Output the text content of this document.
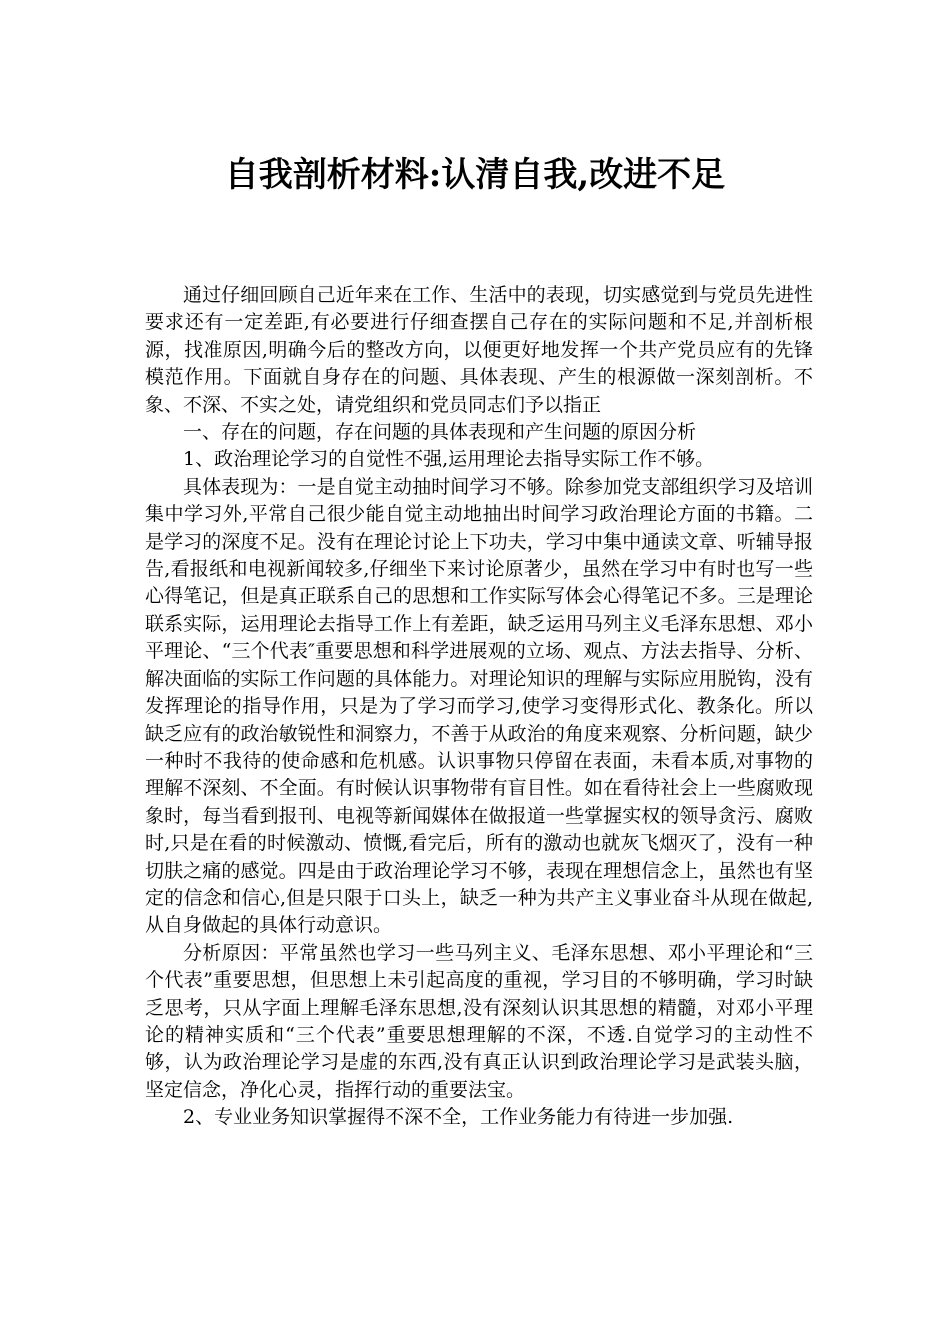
自我剖析材料:认清自我,改进不足

通过仔细回顾自己近年来在工作、生活中的表现，切实感觉到与党员先进性要求还有一定差距,有必要进行仔细查摆自己存在的实际问题和不足,并剖析根源，找准原因,明确今后的整改方向，以便更好地发挥一个共产党员应有的先锋模范作用。下面就自身存在的问题、具体表现、产生的根源做一深刻剖析。不象、不深、不实之处，请党组织和党员同志们予以指正

一、存在的问题，存在问题的具体表现和产生问题的原因分析

1、政治理论学习的自觉性不强,运用理论去指导实际工作不够。

具体表现为：一是自觉主动抽时间学习不够。除参加党支部组织学习及培训集中学习外,平常自己很少能自觉主动地抽出时间学习政治理论方面的书籍。二是学习的深度不足。没有在理论讨论上下功夫，学习中集中通读文章、听辅导报告,看报纸和电视新闻较多,仔细坐下来讨论原著少，虽然在学习中有时也写一些心得笔记，但是真正联系自己的思想和工作实际写体会心得笔记不多。三是理论联系实际，运用理论去指导工作上有差距，缺乏运用马列主义毛泽东思想、邓小平理论、“三个代表″重要思想和科学进展观的立场、观点、方法去指导、分析、解决面临的实际工作问题的具体能力。对理论知识的理解与实际应用脱钩，没有发挥理论的指导作用，只是为了学习而学习,使学习变得形式化、教条化。所以缺乏应有的政治敏锐性和洞察力，不善于从政治的角度来观察、分析问题，缺少一种时不我待的使命感和危机感。认识事物只停留在表面，未看本质,对事物的理解不深刻、不全面。有时候认识事物带有盲目性。如在看待社会上一些腐败现象时，每当看到报刊、电视等新闻媒体在做报道一些掌握实权的领导贪污、腐败时,只是在看的时候激动、愤慨,看完后，所有的激动也就灰飞烟灭了，没有一种切肤之痛的感觉。四是由于政治理论学习不够，表现在理想信念上，虽然也有坚定的信念和信心,但是只限于口头上，缺乏一种为共产主义事业奋斗从现在做起,从自身做起的具体行动意识。

分析原因：平常虽然也学习一些马列主义、毛泽东思想、邓小平理论和“三个代表”重要思想，但思想上未引起高度的重视，学习目的不够明确，学习时缺乏思考，只从字面上理解毛泽东思想,没有深刻认识其思想的精髓，对邓小平理论的精神实质和“三个代表”重要思想理解的不深，不透.自觉学习的主动性不够，认为政治理论学习是虚的东西,没有真正认识到政治理论学习是武装头脑，坚定信念，净化心灵，指挥行动的重要法宝。

2、专业业务知识掌握得不深不全，工作业务能力有待进一步加强.
